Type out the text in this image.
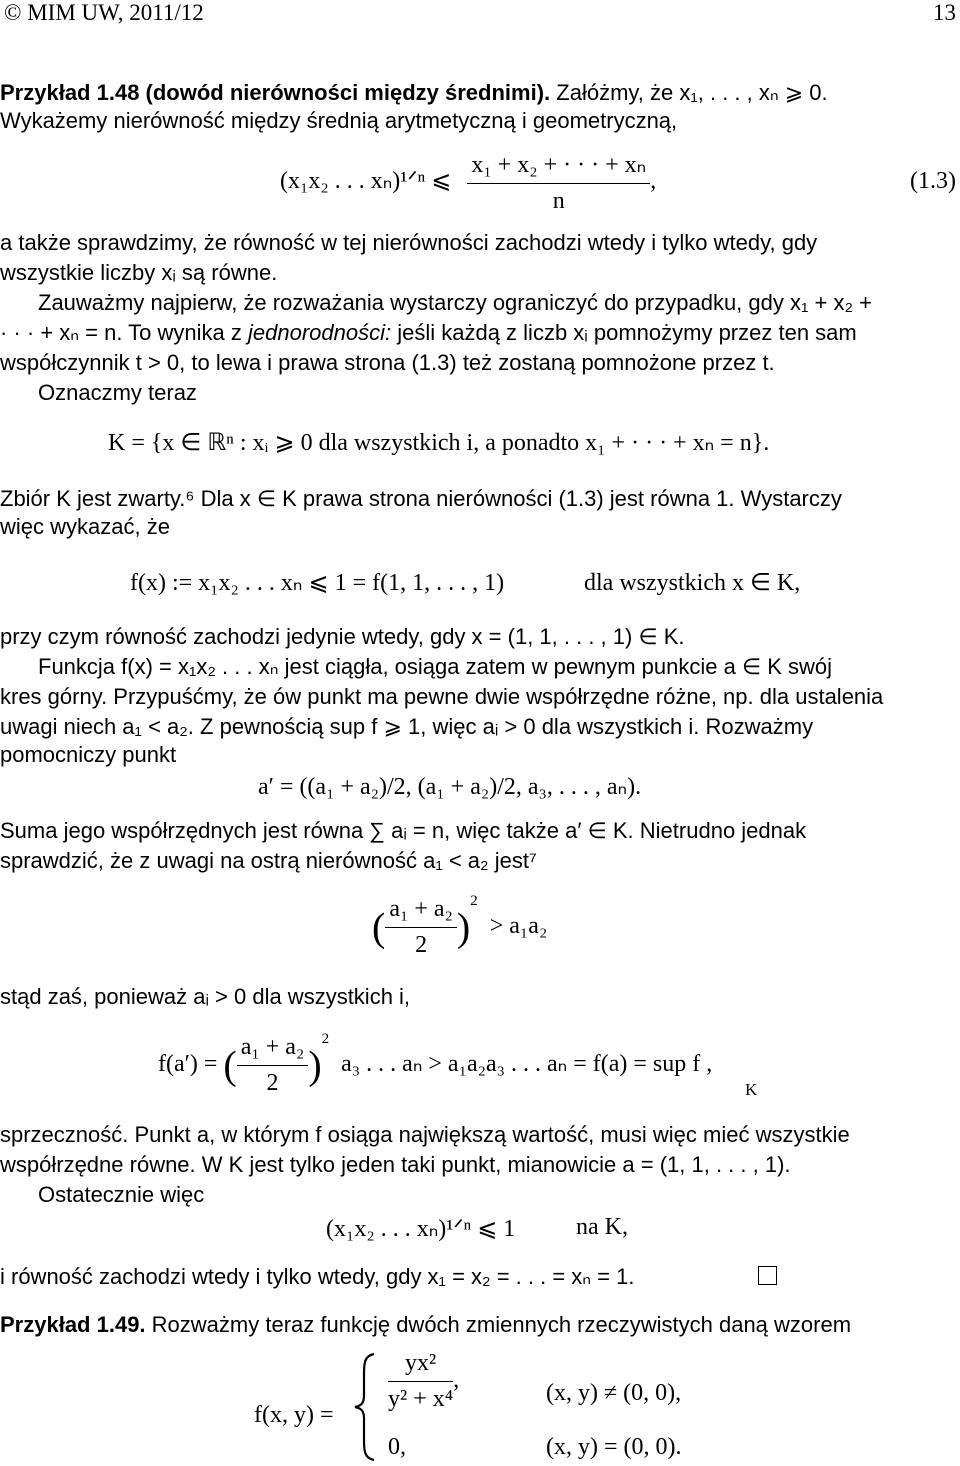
© MIM UW, 2011/12	13
Przykład 1.48 (dowód nierówności między średnimi). Załóżmy, że x₁, . . . , xₙ ⩾ 0.
Wykażemy nierówność między średnią arytmetyczną i geometryczną,
(x₁x₂ . . . xₙ)¹ᐟⁿ ⩽ $\frac{\text{x₁ + x₂ + · · · + xₙ}}{n}$ ,	(1.3)
a także sprawdzimy, że równość w tej nierówności zachodzi wtedy i tylko wtedy, gdy
wszystkie liczby xᵢ są równe.
Zauważmy najpierw, że rozważania wystarczy ograniczyć do przypadku, gdy x₁ + x₂ +
· · · + xₙ = n. To wynika z jednorodności: jeśli każdą z liczb xᵢ pomnożymy przez ten sam
współczynnik t > 0, to lewa i prawa strona (1.3) też zostaną pomnożone przez t.
Oznaczmy teraz
K = {x ∈ ℝⁿ : xᵢ ⩾ 0 dla wszystkich i, a ponadto x₁ + · · · + xₙ = n}.
Zbiór K jest zwarty.⁶ Dla x ∈ K prawa strona nierówności (1.3) jest równa 1. Wystarczy
więc wykazać, że
f(x) := x₁x₂ . . . xₙ ⩽ 1 = f(1, 1, . . . , 1)	dla wszystkich x ∈ K,
przy czym równość zachodzi jedynie wtedy, gdy x = (1, 1, . . . , 1) ∈ K.
Funkcja f(x) = x₁x₂ . . . xₙ jest ciągła, osiąga zatem w pewnym punkcie a ∈ K swój
kres górny. Przypuśćmy, że ów punkt ma pewne dwie współrzędne różne, np. dla ustalenia
uwagi niech a₁ < a₂. Z pewnością sup f ⩾ 1, więc aᵢ > 0 dla wszystkich i. Rozważmy
pomocniczy punkt
a′ = ((a₁ + a₂)/2, (a₁ + a₂)/2, a₃, . . . , aₙ).
Suma jego współrzędnych jest równa ∑ aᵢ = n, więc także a′ ∈ K. Nietrudno jednak
sprawdzić, że z uwagi na ostrą nierówność a₁ < a₂ jest⁷
( $\frac{\text{a₁ + a₂}}{2} )^2 > a_1a_2$
stąd zaś, ponieważ aᵢ > 0 dla wszystkich i,
f(a′) = ( $\frac{\text{a₁ + a₂}}{2} )^2$ a₃ . . . aₙ > a₁a₂a₃ . . . aₙ = f(a) = sup f ,
K
sprzeczność. Punkt a, w którym f osiąga największą wartość, musi więc mieć wszystkie
współrzędne równe. W K jest tylko jeden taki punkt, mianowicie a = (1, 1, . . . , 1).
Ostatecznie więc
(x₁x₂ . . . xₙ)¹ᐟⁿ ⩽ 1	na K,
i równość zachodzi wtedy i tylko wtedy, gdy x₁ = x₂ = . . . = xₙ = 1.
Przykład 1.49. Rozważmy teraz funkcję dwóch zmiennych rzeczywistych daną wzorem
f(x, y) =
$\frac{\text{yx²}}{\text{y² + x⁴}}$ ,	(x, y) ≠ (0, 0),
0,	(x, y) = (0, 0).
